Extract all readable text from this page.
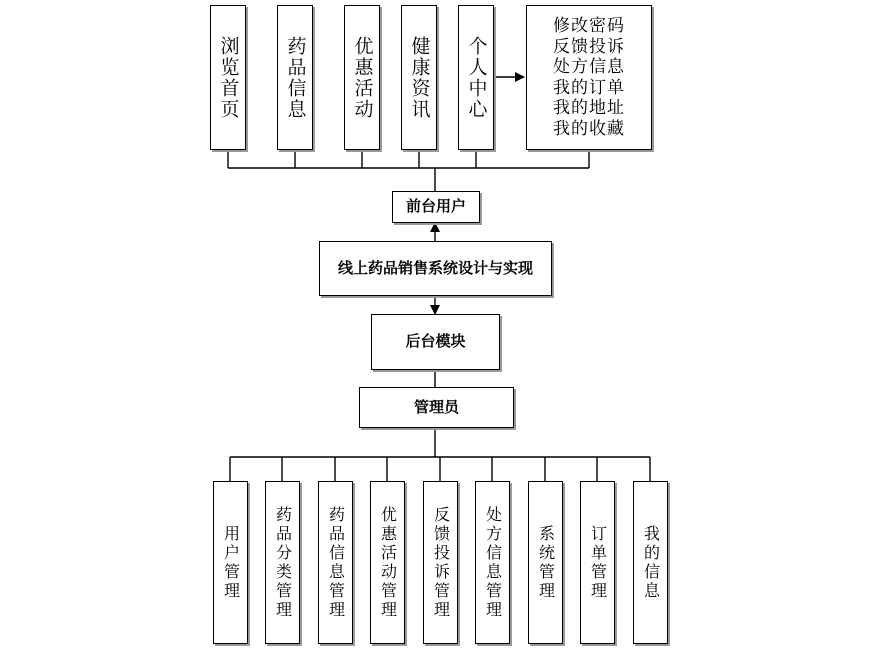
浏览首页 药品信息 优惠活动 健康资讯 个人中心
修改密码
反馈投诉
处方信息
我的订单
我的地址
我的收藏
前台用户
线上药品销售系统设计与实现
后台模块
管理员
用户管理 药品分类管理 药品信息管理 优惠活动管理 反馈投诉管理 处方信息管理 系统管理 订单管理 我的信息
